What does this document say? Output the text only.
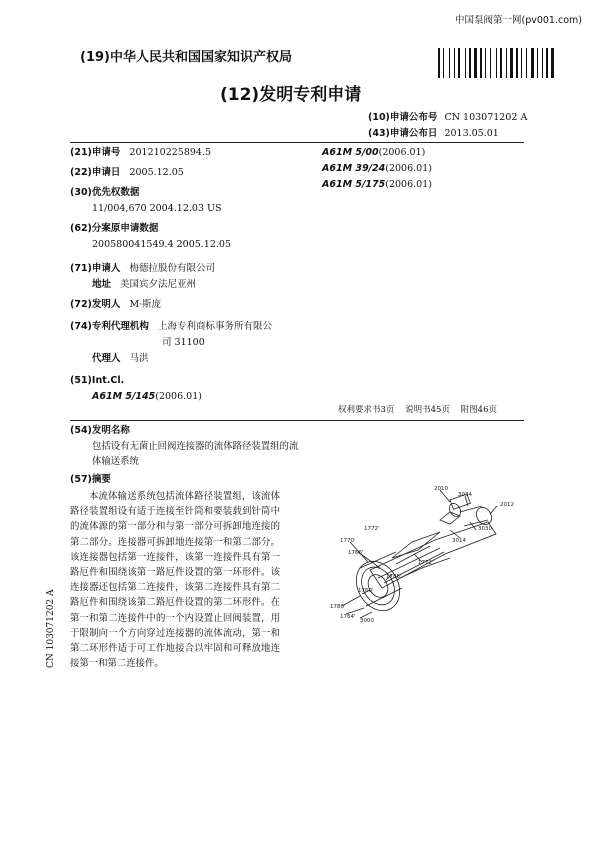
中国泵阀第一网(pv001.com)
(19)中华人民共和国国家知识产权局
(12)发明专利申请
(10)申请公布号 CN 103071202 A
(43)申请公布日 2013.05.01
(21)申请号 201210225894.5
(22)申请日 2005.12.05
(30)优先权数据
11/004,670 2004.12.03 US
(62)分案原申请数据
200580041549.4 2005.12.05
(71)申请人 梅德拉股份有限公司
地址 美国宾夕法尼亚州
(72)发明人 M·斯庞
(74)专利代理机构 上海专利商标事务所有限公
司 31100
代理人 马洪
(51)Int.Cl.
A61M 5/145(2006.01)
A61M 5/00(2006.01)
A61M 39/24(2006.01)
A61M 5/175(2006.01)
权利要求书3页 说明书45页 附图46页
(54)发明名称
包括设有无菌止回阀连接器的流体路径装置组的流体输送系统
(57)摘要
本流体输送系统包括流体路径装置组，该流体路径装置组设有适于连接至针筒和要装载到针筒中的流体源的第一部分和与第一部分可拆卸地连接的第二部分。连接器可拆卸地连接第一和第二部分。该连接器包括第一连接件，该第一连接件具有第一路厄件和围绕该第一路厄件设置的第一环形件。该连接器还包括第二连接件，该第二连接件具有第二路厄件和围绕该第二路厄件设置的第二环形件。在第一和第二连接件中的一个内设置止回阀装置，用于限制向一个方向穿过连接器的流体流动，第一和第二环形件适于可工作地接合以牢固和可释放地连接第一和第二连接件。
2010
3034
3030
2012
3014
1772'
1770'
1766'
1772'
1788'
1760'
1780'
1764'
3000
CN 103071202 A
